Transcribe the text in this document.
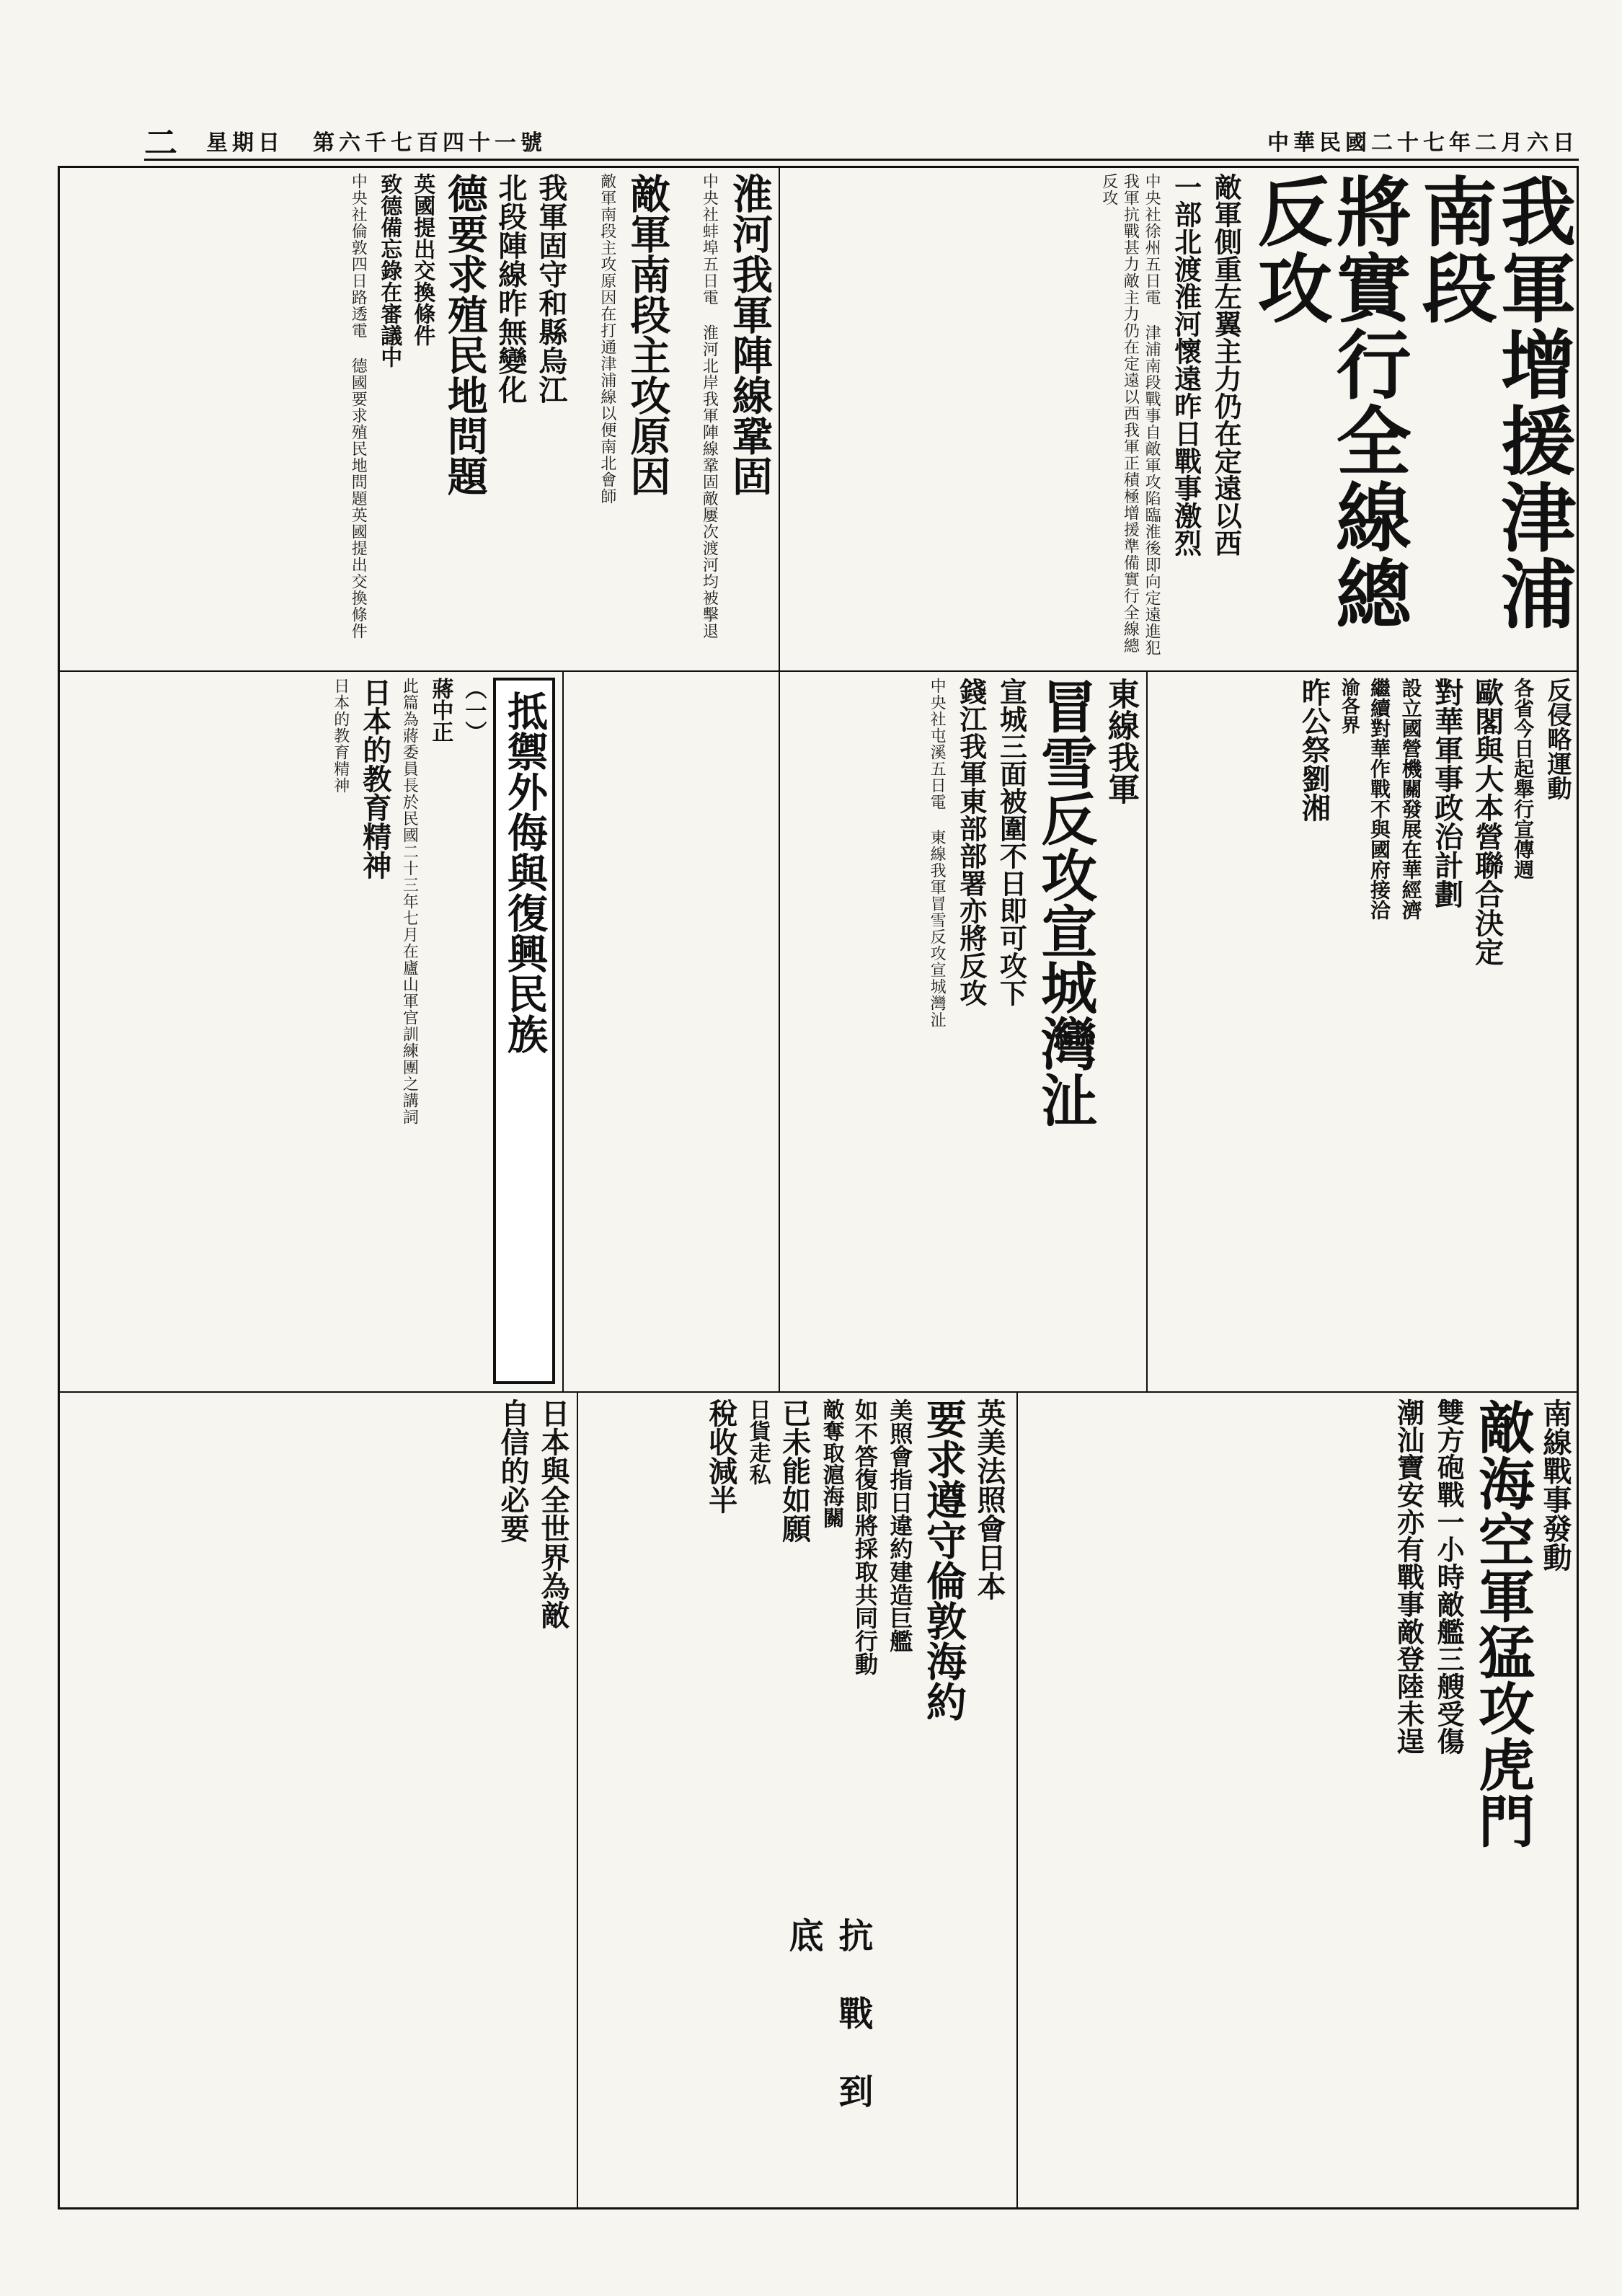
二 星期日 第六千七百四十一號	中華民國二十七年二月六日
我軍增援津浦南段
將實行全線總反攻
敵軍側重左翼主力仍在定遠以西
一部北渡淮河懷遠昨日戰事激烈
中央社徐州五日電 津浦南段戰事自敵軍攻陷臨淮後即向定遠進犯我軍抗戰甚力敵主力仍在定遠以西我軍正積極增援準備實行全線總反攻
淮河我軍陣線鞏固
中央社蚌埠五日電 淮河北岸我軍陣線鞏固敵屢次渡河均被擊退
敵軍南段主攻原因
敵軍南段主攻原因在打通津浦線以便南北會師
我軍固守和縣烏江
北段陣線昨無變化
德要求殖民地問題
英國提出交換條件
致德備忘錄在審議中
中央社倫敦四日路透電 德國要求殖民地問題英國提出交換條件
反侵略運動
各省今日起舉行宣傳週
歐閣與大本營聯合決定
對華軍事政治計劃
設立國營機關發展在華經濟
繼續對華作戰不與國府接洽
渝各界
昨公祭劉湘
東線我軍
冒雪反攻宣城灣沚
宣城三面被圍不日即可攻下
錢江我軍東部部署亦將反攻
中央社屯溪五日電 東線我軍冒雪反攻宣城灣沚
抵禦外侮與復興民族
（一）
蔣中正
此篇為蔣委員長於民國二十三年七月在廬山軍官訓練團之講詞
日本的教育精神
日本的教育精神
南線戰事發動
敵海空軍猛攻虎門
雙方砲戰一小時敵艦三艘受傷
潮汕寶安亦有戰事敵登陸未逞
英美法照會日本
要求遵守倫敦海約
美照會指日違約建造巨艦
如不答復即將採取共同行動
敵奪取滬海關
已未能如願
日貨走私
稅收減半
抗戰到底
日本與全世界為敵
自信的必要
